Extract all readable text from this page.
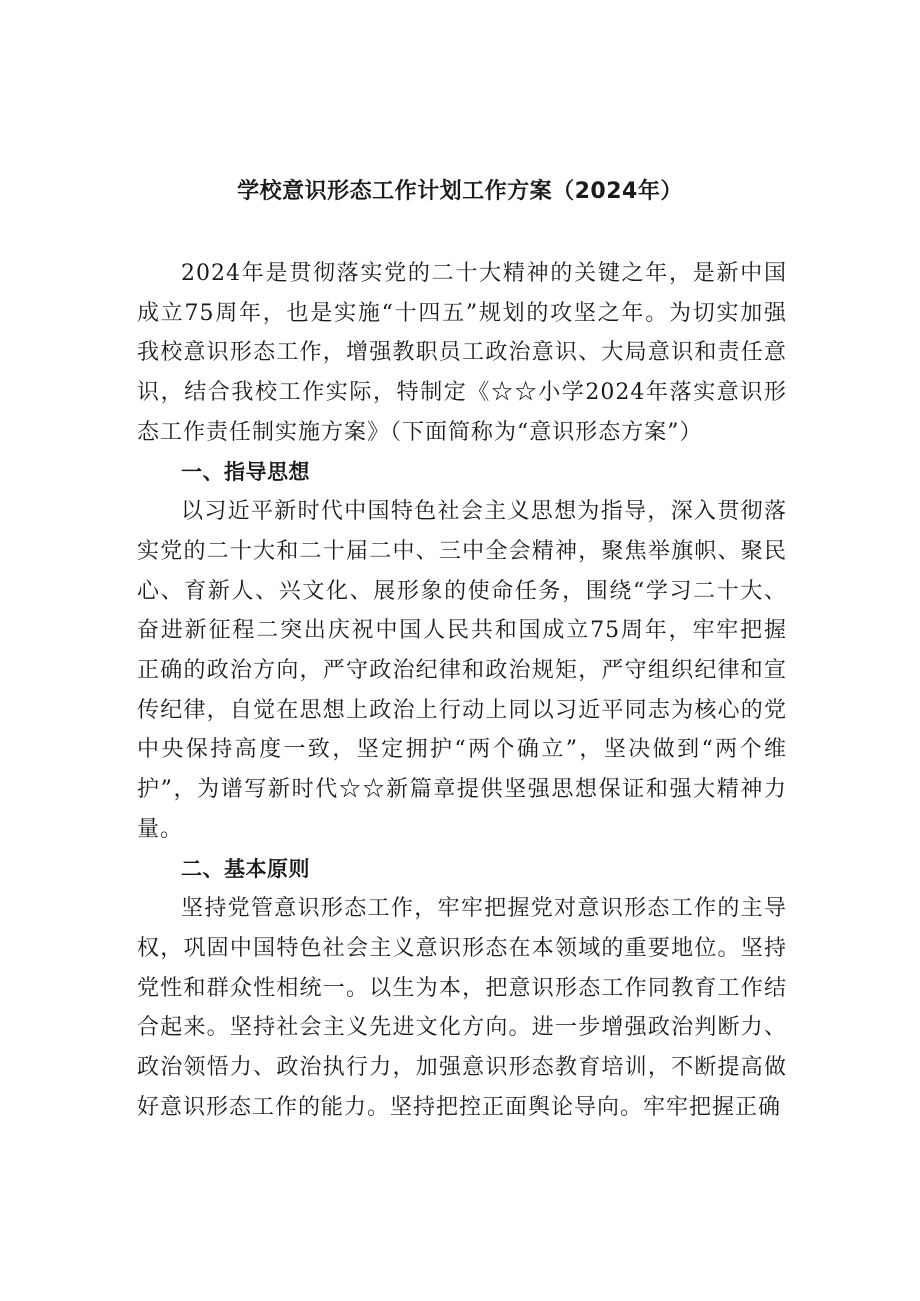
学校意识形态工作计划工作方案（2024年）

2024年是贯彻落实党的二十大精神的关键之年，是新中国成立75周年，也是实施“十四五”规划的攻坚之年。为切实加强我校意识形态工作，增强教职员工政治意识、大局意识和责任意识，结合我校工作实际，特制定《☆☆小学2024年落实意识形态工作责任制实施方案》（下面简称为“意识形态方案”）

一、指导思想

以习近平新时代中国特色社会主义思想为指导，深入贯彻落实党的二十大和二十届二中、三中全会精神，聚焦举旗帜、聚民心、育新人、兴文化、展形象的使命任务，围绕“学习二十大、奋进新征程二突出庆祝中国人民共和国成立75周年，牢牢把握正确的政治方向，严守政治纪律和政治规矩，严守组织纪律和宣传纪律，自觉在思想上政治上行动上同以习近平同志为核心的党中央保持高度一致，坚定拥护“两个确立”，坚决做到“两个维护”，为谱写新时代☆☆新篇章提供坚强思想保证和强大精神力量。

二、基本原则

坚持党管意识形态工作，牢牢把握党对意识形态工作的主导权，巩固中国特色社会主义意识形态在本领域的重要地位。坚持党性和群众性相统一。以生为本，把意识形态工作同教育工作结合起来。坚持社会主义先进文化方向。进一步增强政治判断力、政治领悟力、政治执行力，加强意识形态教育培训，不断提高做好意识形态工作的能力。坚持把控正面舆论导向。牢牢把握正确
